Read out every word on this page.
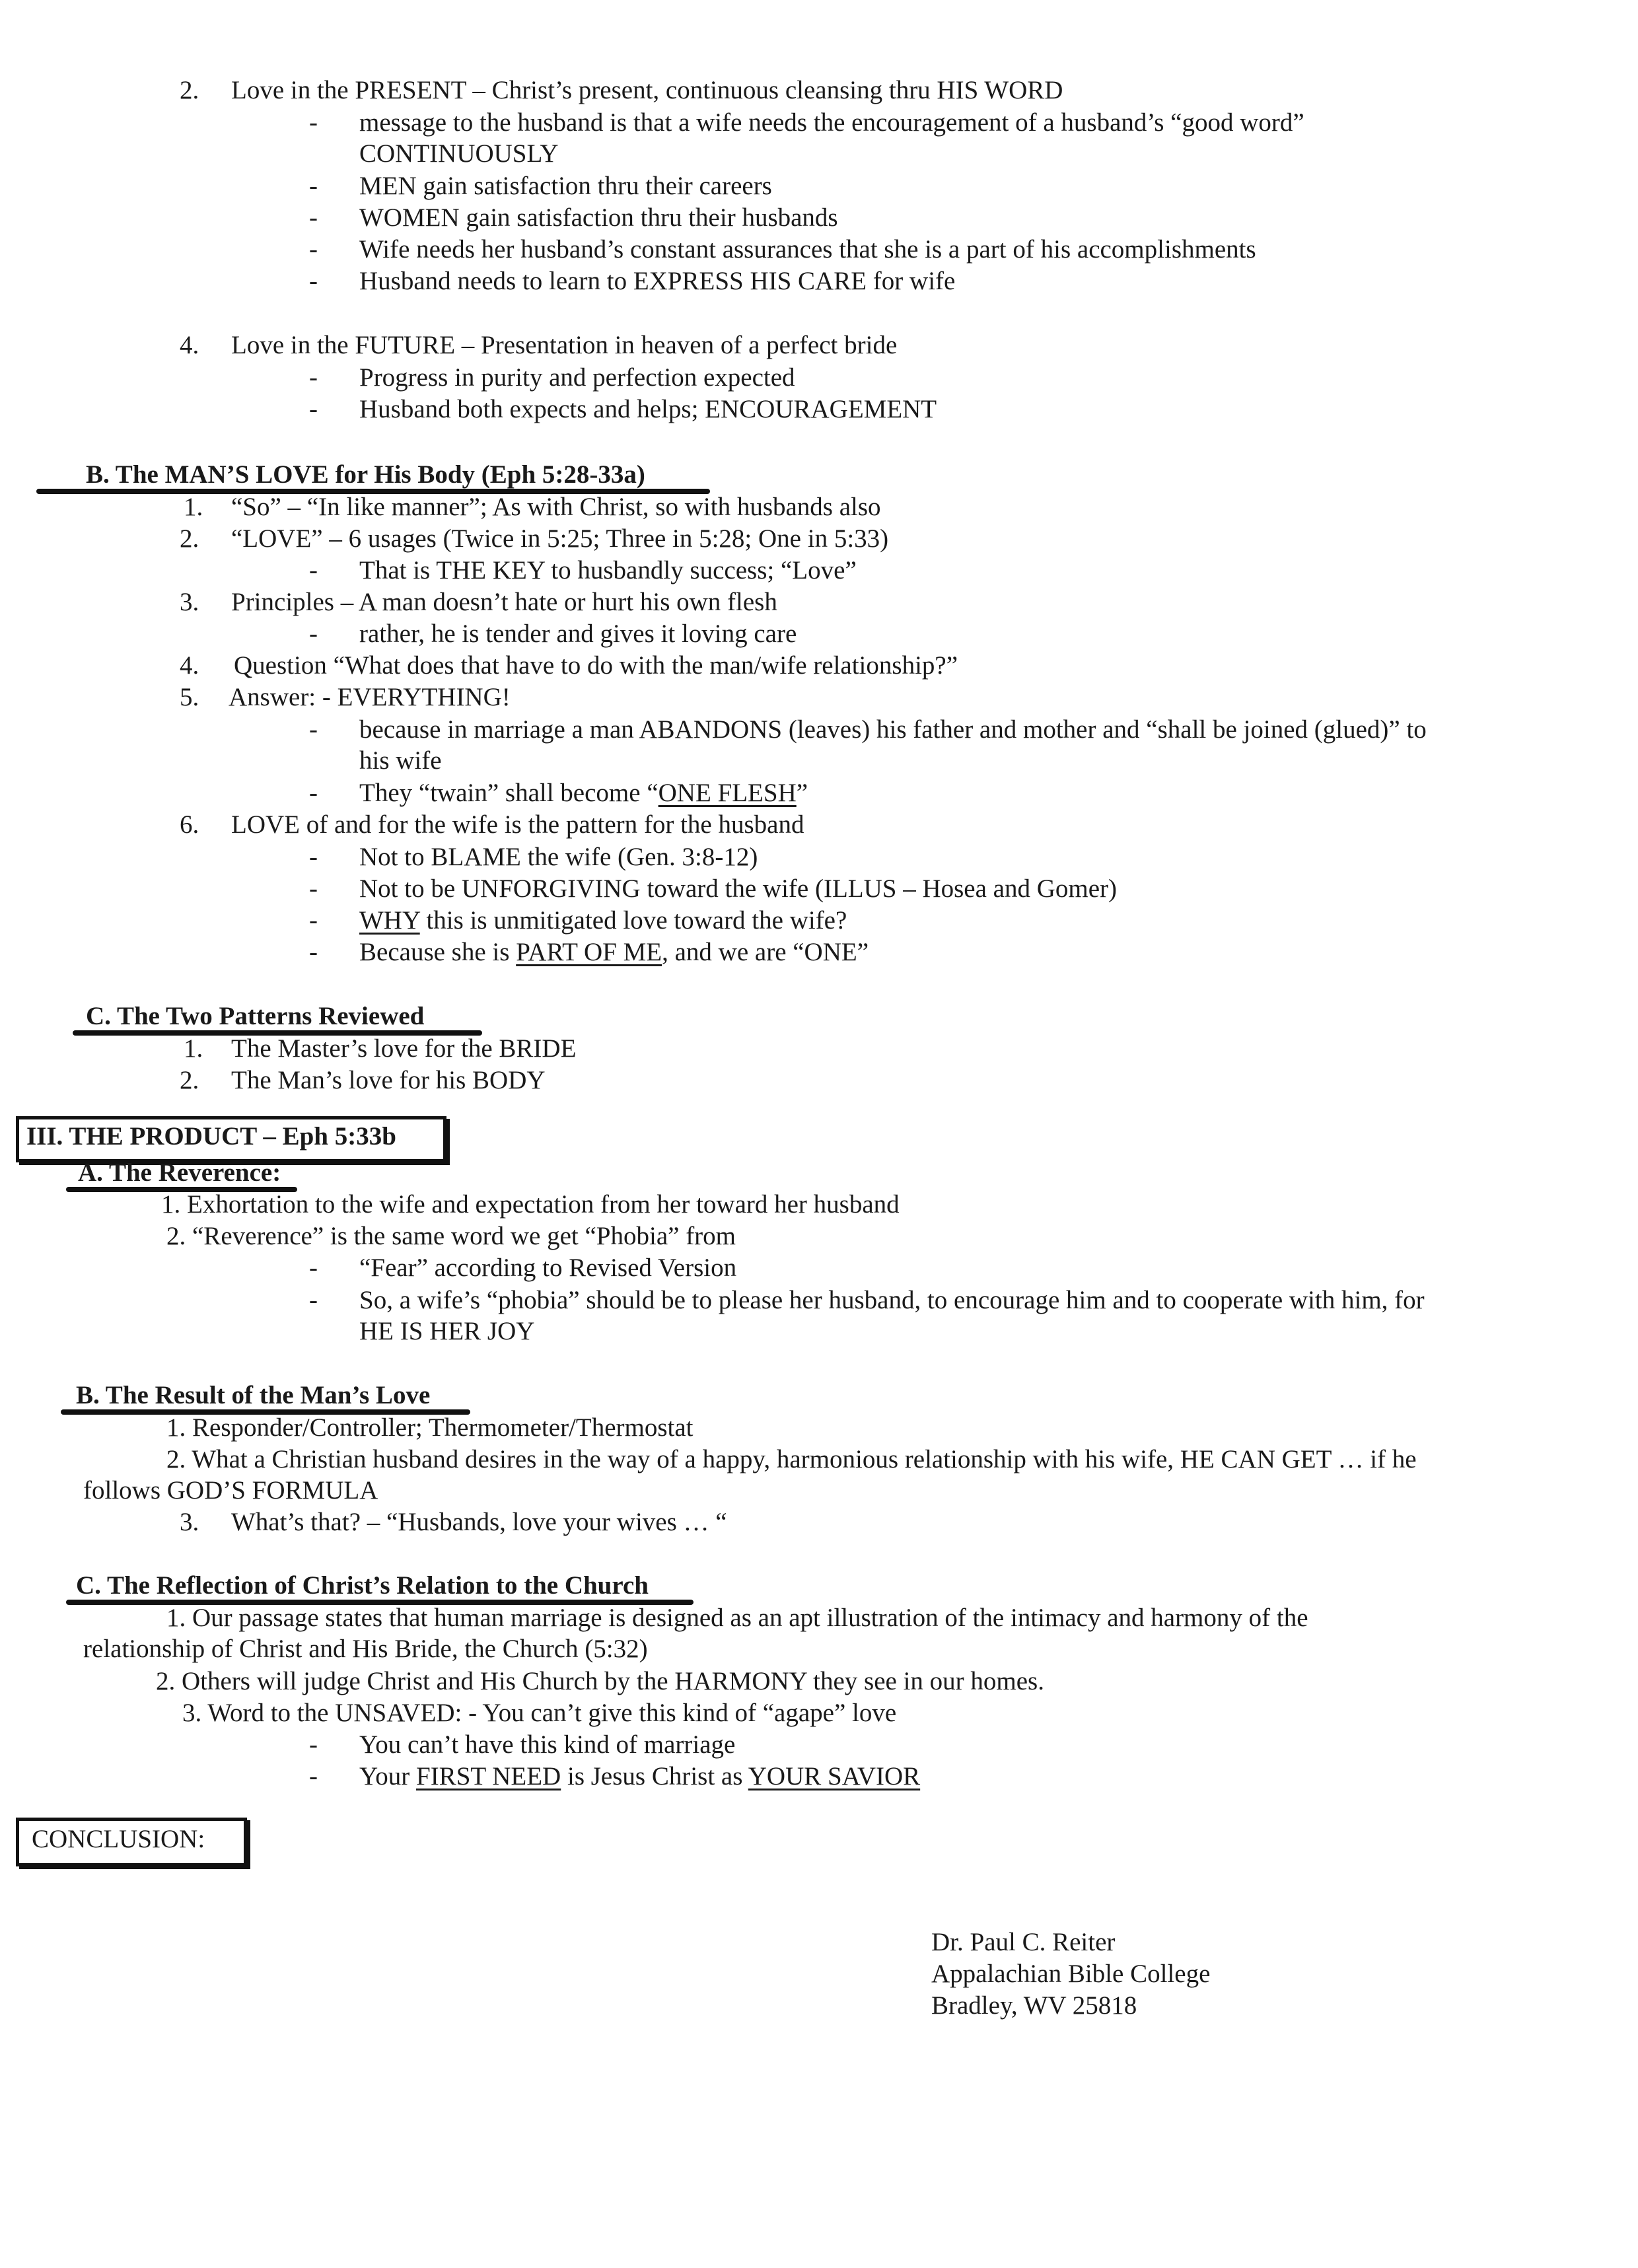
2. Love in the PRESENT – Christ’s present, continuous cleansing thru HIS WORD
- message to the husband is that a wife needs the encouragement of a husband’s “good word”
CONTINUOUSLY
- MEN gain satisfaction thru their careers
- WOMEN gain satisfaction thru their husbands
- Wife needs her husband’s constant assurances that she is a part of his accomplishments
- Husband needs to learn to EXPRESS HIS CARE for wife
4. Love in the FUTURE – Presentation in heaven of a perfect bride
- Progress in purity and perfection expected
- Husband both expects and helps; ENCOURAGEMENT
B. The MAN’S LOVE for His Body (Eph 5:28-33a)
1. “So” – “In like manner”; As with Christ, so with husbands also
2. “LOVE” – 6 usages (Twice in 5:25; Three in 5:28; One in 5:33)
- That is THE KEY to husbandly success; “Love”
3. Principles – A man doesn’t hate or hurt his own flesh
- rather, he is tender and gives it loving care
4. Question “What does that have to do with the man/wife relationship?”
5. Answer: - EVERYTHING!
- because in marriage a man ABANDONS (leaves) his father and mother and “shall be joined (glued)” to
his wife
- They “twain” shall become “ONE FLESH”
6. LOVE of and for the wife is the pattern for the husband
- Not to BLAME the wife (Gen. 3:8-12)
- Not to be UNFORGIVING toward the wife (ILLUS – Hosea and Gomer)
- WHY this is unmitigated love toward the wife?
- Because she is PART OF ME, and we are “ONE”
C. The Two Patterns Reviewed
1. The Master’s love for the BRIDE
2. The Man’s love for his BODY
III. THE PRODUCT – Eph 5:33b
A. The Reverence:
1. Exhortation to the wife and expectation from her toward her husband
2. “Reverence” is the same word we get “Phobia” from
- “Fear” according to Revised Version
- So, a wife’s “phobia” should be to please her husband, to encourage him and to cooperate with him, for
HE IS HER JOY
B. The Result of the Man’s Love
1. Responder/Controller; Thermometer/Thermostat
2. What a Christian husband desires in the way of a happy, harmonious relationship with his wife, HE CAN GET … if he
follows GOD’S FORMULA
3. What’s that? – “Husbands, love your wives … “
C. The Reflection of Christ’s Relation to the Church
1. Our passage states that human marriage is designed as an apt illustration of the intimacy and harmony of the
relationship of Christ and His Bride, the Church (5:32)
2. Others will judge Christ and His Church by the HARMONY they see in our homes.
3. Word to the UNSAVED: - You can’t give this kind of “agape” love
- You can’t have this kind of marriage
- Your FIRST NEED is Jesus Christ as YOUR SAVIOR
CONCLUSION:
Dr. Paul C. Reiter
Appalachian Bible College
Bradley, WV 25818
